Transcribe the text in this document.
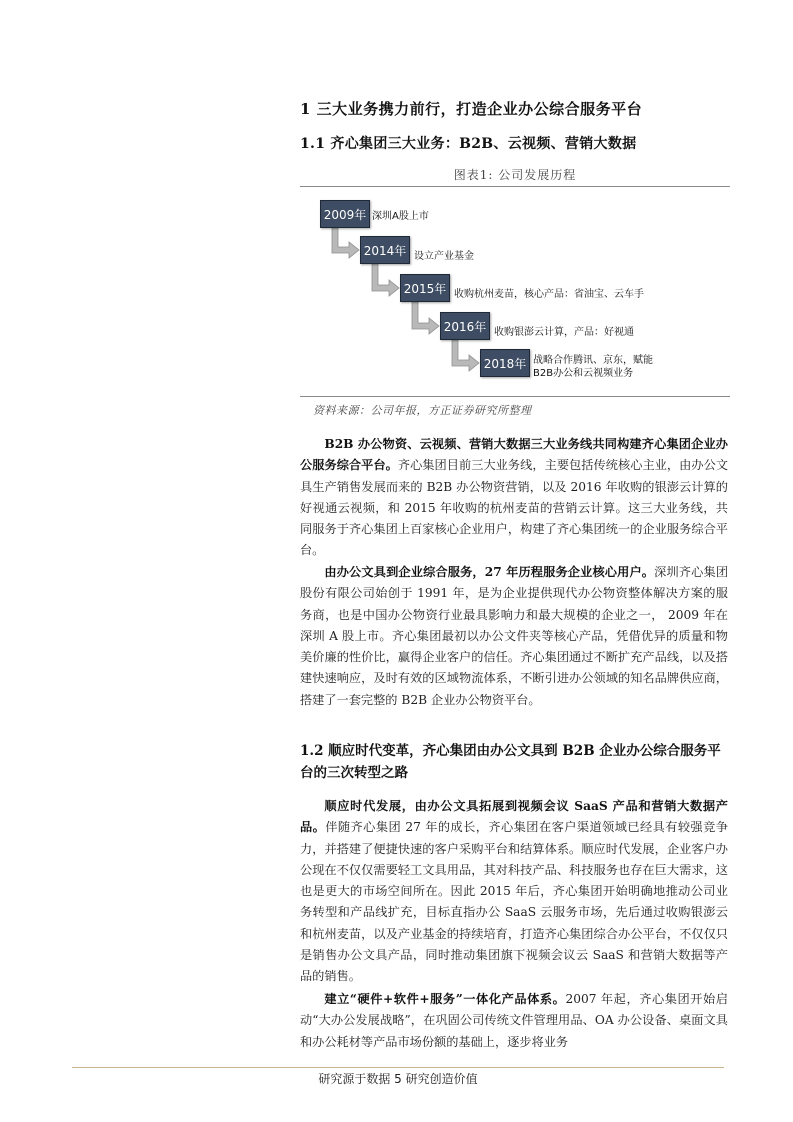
1 三大业务携力前行，打造企业办公综合服务平台
1.1 齐心集团三大业务：B2B、云视频、营销大数据
图表1: 公司发展历程
2009年 深圳A股上市
2014年 设立产业基金
2015年 收购杭州麦苗，核心产品：省油宝、云车手
2016年 收购银澎云计算，产品：好视通
2018年 战略合作腾讯、京东，赋能
B2B办公和云视频业务
资料来源：公司年报，方正证券研究所整理

B2B 办公物资、云视频、营销大数据三大业务线共同构建齐心集团企业办公服务综合平台。齐心集团目前三大业务线，主要包括传统核心主业，由办公文具生产销售发展而来的 B2B 办公物资营销，以及 2016 年收购的银澎云计算的好视通云视频，和 2015 年收购的杭州麦苗的营销云计算。这三大业务线，共同服务于齐心集团上百家核心企业用户，构建了齐心集团统一的企业服务综合平台。

由办公文具到企业综合服务，27 年历程服务企业核心用户。深圳齐心集团股份有限公司始创于 1991 年，是为企业提供现代办公物资整体解决方案的服务商，也是中国办公物资行业最具影响力和最大规模的企业之一， 2009 年在深圳 A 股上市。齐心集团最初以办公文件夹等核心产品，凭借优异的质量和物美价廉的性价比，赢得企业客户的信任。齐心集团通过不断扩充产品线，以及搭建快速响应，及时有效的区域物流体系，不断引进办公领域的知名品牌供应商，搭建了一套完整的 B2B 企业办公物资平台。

1.2 顺应时代变革，齐心集团由办公文具到 B2B 企业办公综合服务平台的三次转型之路

顺应时代发展，由办公文具拓展到视频会议 SaaS 产品和营销大数据产品。伴随齐心集团 27 年的成长，齐心集团在客户渠道领域已经具有较强竞争力，并搭建了便捷快速的客户采购平台和结算体系。顺应时代发展，企业客户办公现在不仅仅需要轻工文具用品，其对科技产品、科技服务也存在巨大需求，这也是更大的市场空间所在。因此 2015 年后，齐心集团开始明确地推动公司业务转型和产品线扩充，目标直指办公 SaaS 云服务市场，先后通过收购银澎云和杭州麦苗，以及产业基金的持续培育，打造齐心集团综合办公平台，不仅仅只是销售办公文具产品，同时推动集团旗下视频会议云 SaaS 和营销大数据等产品的销售。

建立“硬件+软件+服务”一体化产品体系。2007 年起，齐心集团开始启动“大办公发展战略”，在巩固公司传统文件管理用品、OA 办公设备、桌面文具和办公耗材等产品市场份额的基础上，逐步将业务

研究源于数据 5 研究创造价值
